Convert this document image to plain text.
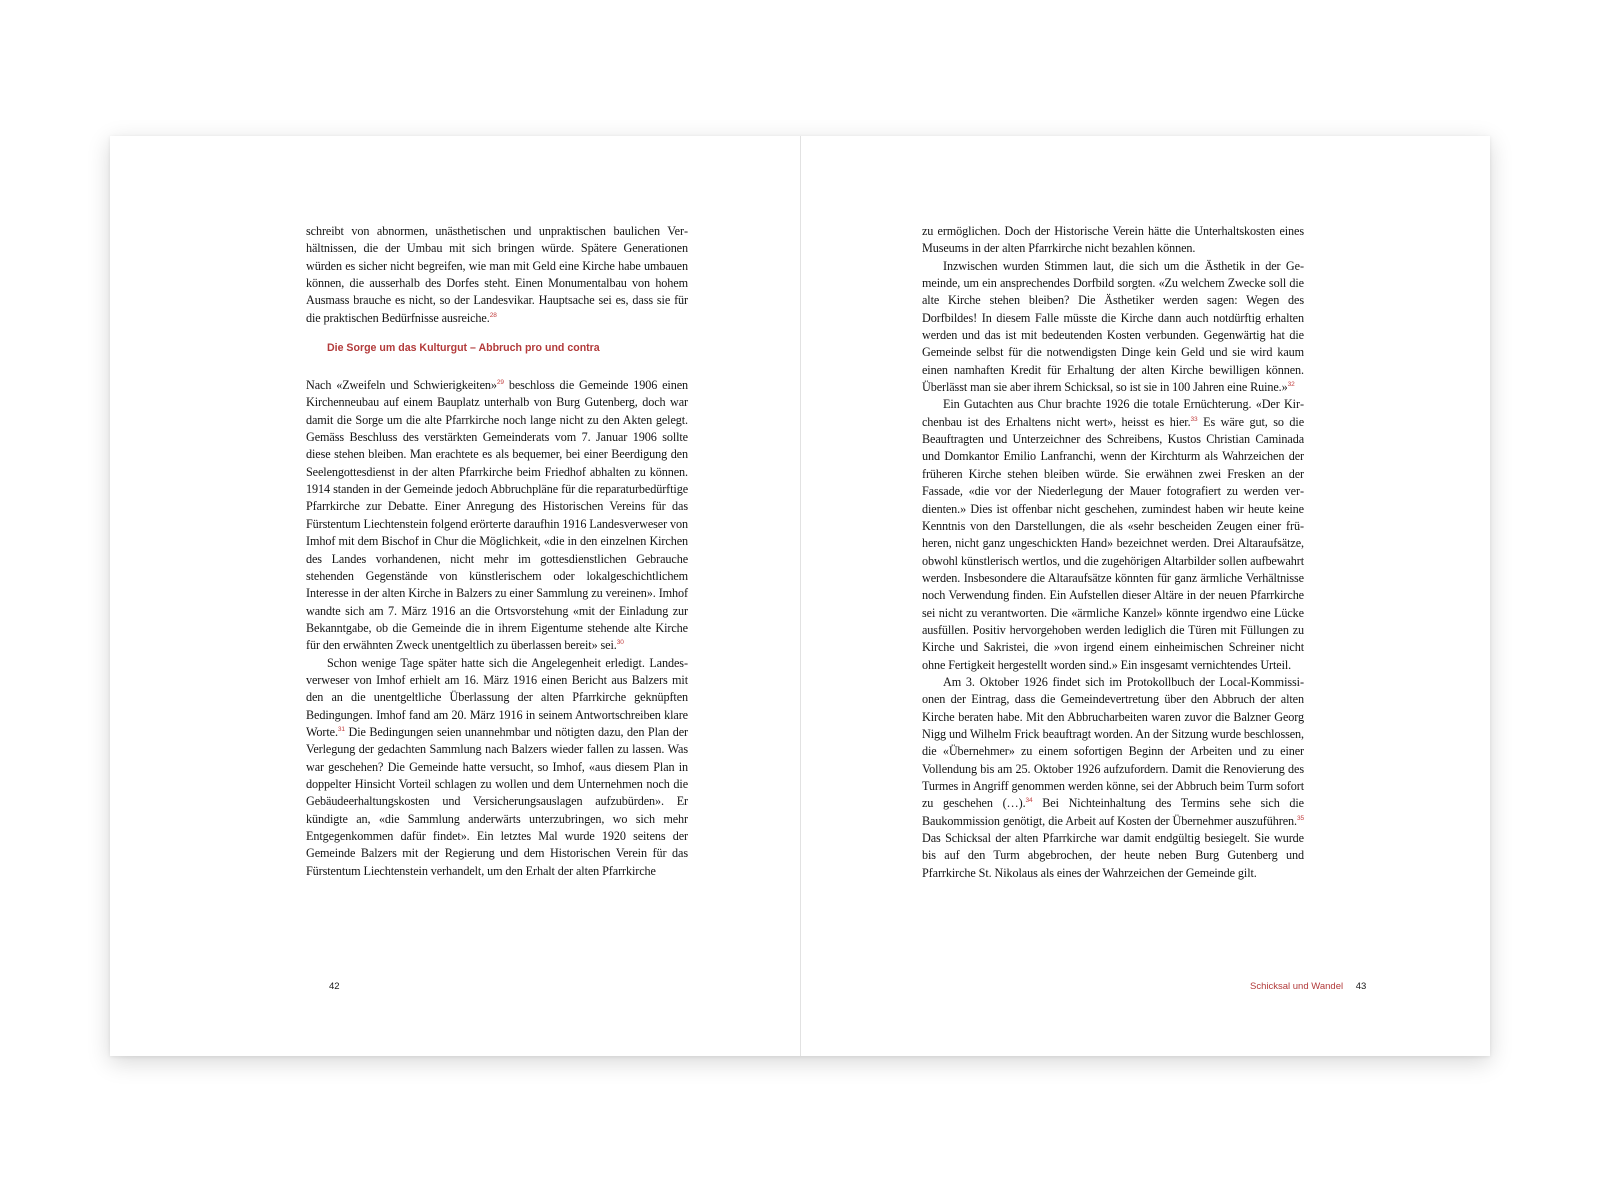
schreibt von abnormen, unästhetischen und unpraktischen baulichen Verhältnissen, die der Umbau mit sich bringen würde. Spätere Generationen würden es sicher nicht begreifen, wie man mit Geld eine Kirche habe umbauen können, die ausserhalb des Dorfes steht. Einen Monumentalbau von hohem Ausmass brauche es nicht, so der Landesvikar. Hauptsache sei es, dass sie für die praktischen Bedürfnisse ausreiche.$^{28}$

Die Sorge um das Kulturgut – Abbruch pro und contra

Nach «Zweifeln und Schwierigkeiten»$^{29}$ beschloss die Gemeinde 1906 einen Kirchenneubau auf einem Bauplatz unterhalb von Burg Gutenberg, doch war damit die Sorge um die alte Pfarrkirche noch lange nicht zu den Akten gelegt. Gemäss Beschluss des verstärkten Gemeinderats vom 7. Januar 1906 sollte diese stehen bleiben. Man erachtete es als bequemer, bei einer Beerdigung den Seelengottesdienst in der alten Pfarrkirche beim Friedhof abhalten zu können. 1914 standen in der Gemeinde jedoch Abbruchpläne für die reparaturbedürftige Pfarrkirche zur Debatte. Einer Anregung des Historischen Vereins für das Fürstentum Liechtenstein folgend erörterte daraufhin 1916 Landesverweser von Imhof mit dem Bischof in Chur die Möglichkeit, «die in den einzelnen Kirchen des Landes vorhandenen, nicht mehr im gottesdienstlichen Gebrauche stehenden Gegenstände von künstlerischem oder lokalgeschichtlichem Interesse in der alten Kirche in Balzers zu einer Sammlung zu vereinen». Imhof wandte sich am 7. März 1916 an die Ortsvorstehung «mit der Einladung zur Bekanntgabe, ob die Gemeinde die in ihrem Eigentume stehende alte Kirche für den erwähnten Zweck unentgeltlich zu überlassen bereit» sei.$^{30}$

Schon wenige Tage später hatte sich die Angelegenheit erledigt. Landesverweser von Imhof erhielt am 16. März 1916 einen Bericht aus Balzers mit den an die unentgeltliche Überlassung der alten Pfarrkirche geknüpften Bedingungen. Imhof fand am 20. März 1916 in seinem Antwortschreiben klare Worte.$^{31}$ Die Bedingungen seien unannehmbar und nötigten dazu, den Plan der Verlegung der gedachten Sammlung nach Balzers wieder fallen zu lassen. Was war geschehen? Die Gemeinde hatte versucht, so Imhof, «aus diesem Plan in doppelter Hinsicht Vorteil schlagen zu wollen und dem Unternehmen noch die Gebäudeerhaltungskosten und Versicherungsauslagen aufzubürden». Er kündigte an, «die Sammlung anderwärts unterzubringen, wo sich mehr Entgegenkommen dafür findet». Ein letztes Mal wurde 1920 seitens der Gemeinde Balzers mit der Regierung und dem Historischen Verein für das Fürstentum Liechtenstein verhandelt, um den Erhalt der alten Pfarrkirche

42

zu ermöglichen. Doch der Historische Verein hätte die Unterhaltskosten eines Museums in der alten Pfarrkirche nicht bezahlen können.

Inzwischen wurden Stimmen laut, die sich um die Ästhetik in der Gemeinde, um ein ansprechendes Dorfbild sorgten. «Zu welchem Zwecke soll die alte Kirche stehen bleiben? Die Ästhetiker werden sagen: Wegen des Dorfbildes! In diesem Falle müsste die Kirche dann auch notdürftig erhalten werden und das ist mit bedeutenden Kosten verbunden. Gegenwärtig hat die Gemeinde selbst für die notwendigsten Dinge kein Geld und sie wird kaum einen namhaften Kredit für Erhaltung der alten Kirche bewilligen können. Überlässt man sie aber ihrem Schicksal, so ist sie in 100 Jahren eine Ruine.»$^{32}$

Ein Gutachten aus Chur brachte 1926 die totale Ernüchterung. «Der Kirchenbau ist des Erhaltens nicht wert», heisst es hier.$^{33}$ Es wäre gut, so die Beauftragten und Unterzeichner des Schreibens, Kustos Christian Caminada und Domkantor Emilio Lanfranchi, wenn der Kirchturm als Wahrzeichen der früheren Kirche stehen bleiben würde. Sie erwähnen zwei Fresken an der Fassade, «die vor der Niederlegung der Mauer fotografiert zu werden verdienten.» Dies ist offenbar nicht geschehen, zumindest haben wir heute keine Kenntnis von den Darstellungen, die als «sehr bescheiden Zeugen einer früheren, nicht ganz ungeschickten Hand» bezeichnet werden. Drei Altaraufsätze, obwohl künstlerisch wertlos, und die zugehörigen Altarbilder sollen aufbewahrt werden. Insbesondere die Altaraufsätze könnten für ganz ärmliche Verhältnisse noch Verwendung finden. Ein Aufstellen dieser Altäre in der neuen Pfarrkirche sei nicht zu verantworten. Die «ärmliche Kanzel» könnte irgendwo eine Lücke ausfüllen. Positiv hervorgehoben werden lediglich die Türen mit Füllungen zu Kirche und Sakristei, die »von irgend einem einheimischen Schreiner nicht ohne Fertigkeit hergestellt worden sind.» Ein insgesamt vernichtendes Urteil.

Am 3. Oktober 1926 findet sich im Protokollbuch der Local-Kommissionen der Eintrag, dass die Gemeindevertretung über den Abbruch der alten Kirche beraten habe. Mit den Abbrucharbeiten waren zuvor die Balzner Georg Nigg und Wilhelm Frick beauftragt worden. An der Sitzung wurde beschlossen, die «Übernehmer» zu einem sofortigen Beginn der Arbeiten und zu einer Vollendung bis am 25. Oktober 1926 aufzufordern. Damit die Renovierung des Turmes in Angriff genommen werden könne, sei der Abbruch beim Turm sofort zu geschehen (…).$^{34}$ Bei Nichteinhaltung des Termins sehe sich die Baukommission genötigt, die Arbeit auf Kosten der Übernehmer auszuführen.$^{35}$ Das Schicksal der alten Pfarrkirche war damit endgültig besiegelt. Sie wurde bis auf den Turm abgebrochen, der heute neben Burg Gutenberg und Pfarrkirche St. Nikolaus als eines der Wahrzeichen der Gemeinde gilt.

Schicksal und Wandel 43
